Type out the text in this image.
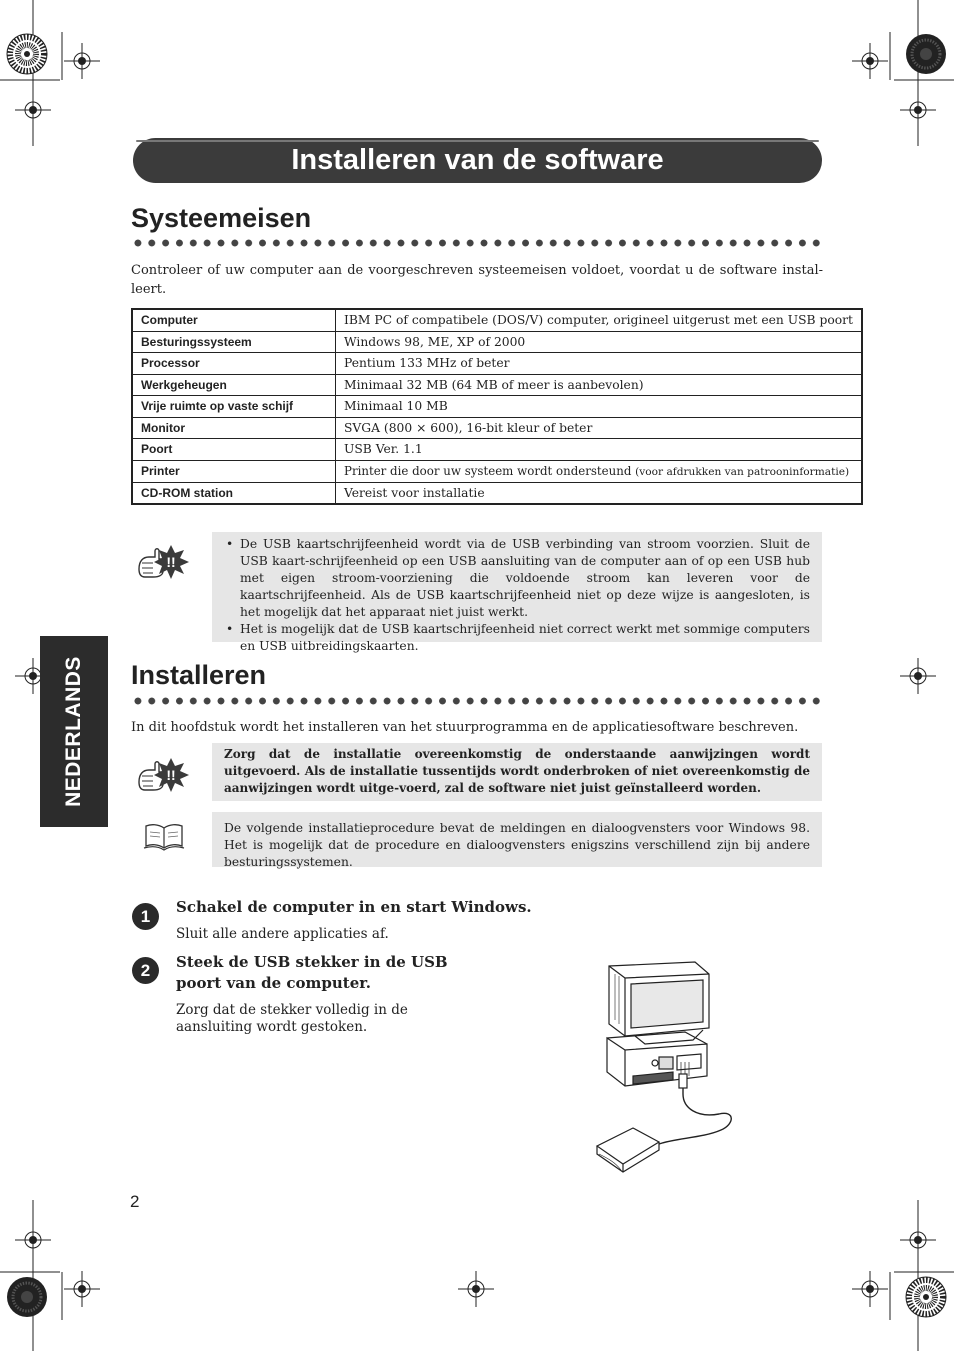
Installeren van de software
NEDERLANDS
Systeemeisen
Controleer of uw computer aan de voorgeschreven systeemeisen voldoet, voordat u de software instal-leert.
Computer	IBM PC of compatibele (DOS/V) computer, origineel uitgerust met een USB poort
Besturingssysteem	Windows 98, ME, XP of 2000
Processor	Pentium 133 MHz of beter
Werkgeheugen	Minimaal 32 MB (64 MB of meer is aanbevolen)
Vrije ruimte op vaste schijf	Minimaal 10 MB
Monitor	SVGA (800 × 600), 16-bit kleur of beter
Poort	USB Ver. 1.1
Printer	Printer die door uw systeem wordt ondersteund (voor afdrukken van patrooninformatie)
CD-ROM station	Vereist voor installatie
!!
• De USB kaartschrijfeenheid wordt via de USB verbinding van stroom voorzien. Sluit de USB kaart-schrijfeenheid op een USB aansluiting van de computer aan of op een USB hub met eigen stroom-voorziening die voldoende stroom kan leveren voor de kaartschrijfeenheid. Als de USB kaartschrijfeenheid niet op deze wijze is aangesloten, is het mogelijk dat het apparaat niet juist werkt.
• Het is mogelijk dat de USB kaartschrijfeenheid niet correct werkt met sommige computers en USB uitbreidingskaarten.
Installeren
In dit hoofdstuk wordt het installeren van het stuurprogramma en de applicatiesoftware beschreven.
!!
Zorg dat de installatie overeenkomstig de onderstaande aanwijzingen wordt uitgevoerd. Als de installatie tussentijds wordt onderbroken of niet overeenkomstig de aanwijzingen wordt uitge-voerd, zal de software niet juist geïnstalleerd worden.
De volgende installatieprocedure bevat de meldingen en dialoogvensters voor Windows 98. Het is mogelijk dat de procedure en dialoogvensters enigszins verschillend zijn bij andere besturingssystemen.
1	Schakel de computer in en start Windows.
Sluit alle andere applicaties af.
2	Steek de USB stekker in de USB poort van de computer.
Zorg dat de stekker volledig in de aansluiting wordt gestoken.
2
